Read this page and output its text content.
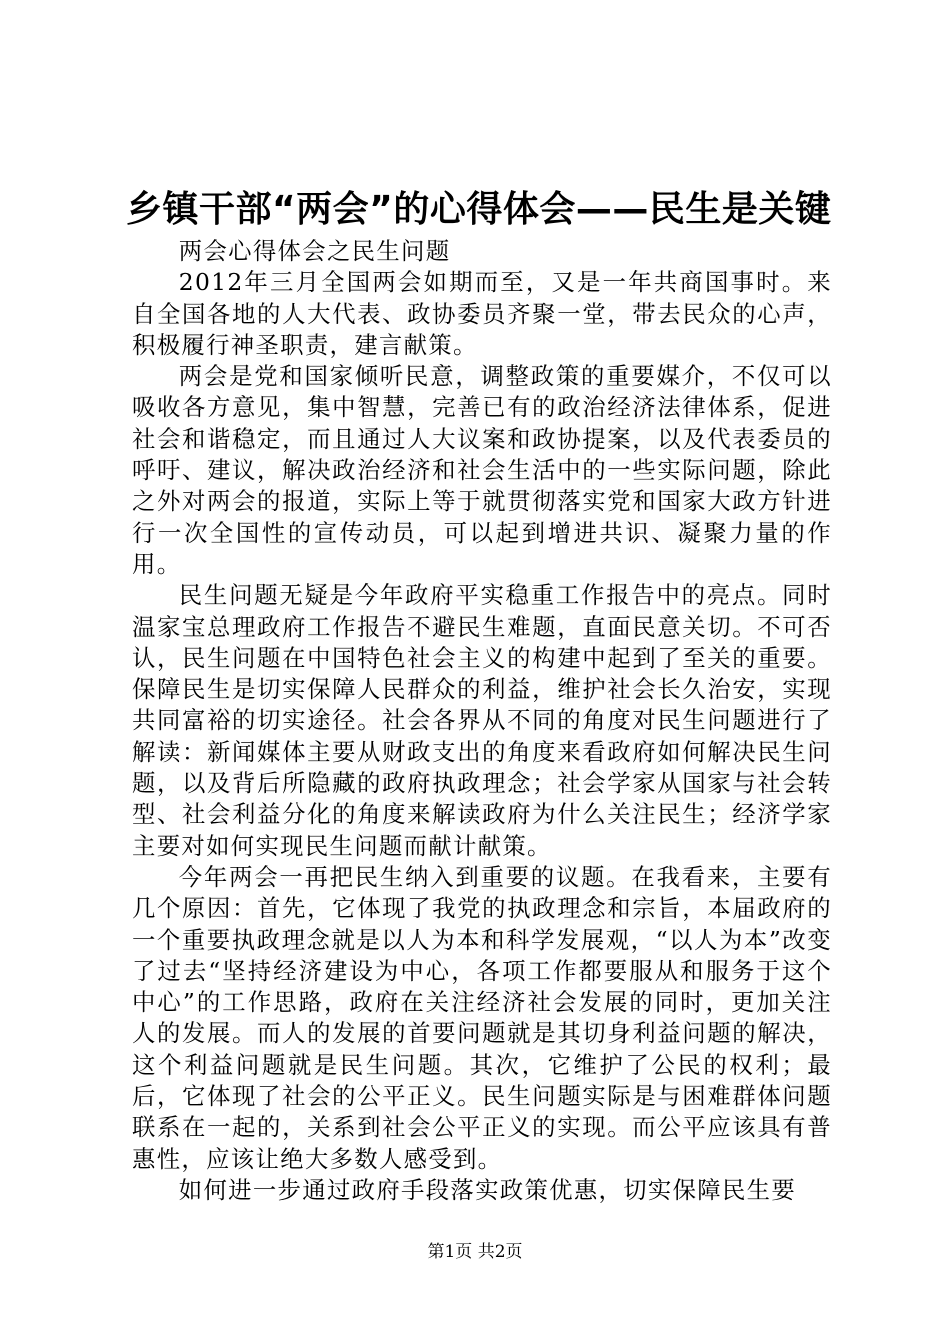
乡镇干部“两会”的心得体会——民生是关键

两会心得体会之民生问题

2012年三月全国两会如期而至，又是一年共商国事时。来自全国各地的人大代表、政协委员齐聚一堂，带去民众的心声，积极履行神圣职责，建言献策。

两会是党和国家倾听民意，调整政策的重要媒介，不仅可以吸收各方意见，集中智慧，完善已有的政治经济法律体系，促进社会和谐稳定，而且通过人大议案和政协提案，以及代表委员的呼吁、建议，解决政治经济和社会生活中的一些实际问题，除此之外对两会的报道，实际上等于就贯彻落实党和国家大政方针进行一次全国性的宣传动员，可以起到增进共识、凝聚力量的作用。

民生问题无疑是今年政府平实稳重工作报告中的亮点。同时温家宝总理政府工作报告不避民生难题，直面民意关切。不可否认，民生问题在中国特色社会主义的构建中起到了至关的重要。保障民生是切实保障人民群众的利益，维护社会长久治安，实现共同富裕的切实途径。社会各界从不同的角度对民生问题进行了解读：新闻媒体主要从财政支出的角度来看政府如何解决民生问题，以及背后所隐藏的政府执政理念；社会学家从国家与社会转型、社会利益分化的角度来解读政府为什么关注民生；经济学家主要对如何实现民生问题而献计献策。

今年两会一再把民生纳入到重要的议题。在我看来，主要有几个原因：首先，它体现了我党的执政理念和宗旨，本届政府的一个重要执政理念就是以人为本和科学发展观，“以人为本”改变了过去“坚持经济建设为中心，各项工作都要服从和服务于这个中心”的工作思路，政府在关注经济社会发展的同时，更加关注人的发展。而人的发展的首要问题就是其切身利益问题的解决，这个利益问题就是民生问题。其次，它维护了公民的权利；最后，它体现了社会的公平正义。民生问题实际是与困难群体问题联系在一起的，关系到社会公平正义的实现。而公平应该具有普惠性，应该让绝大多数人感受到。

如何进一步通过政府手段落实政策优惠，切实保障民生要

第1页 共2页
